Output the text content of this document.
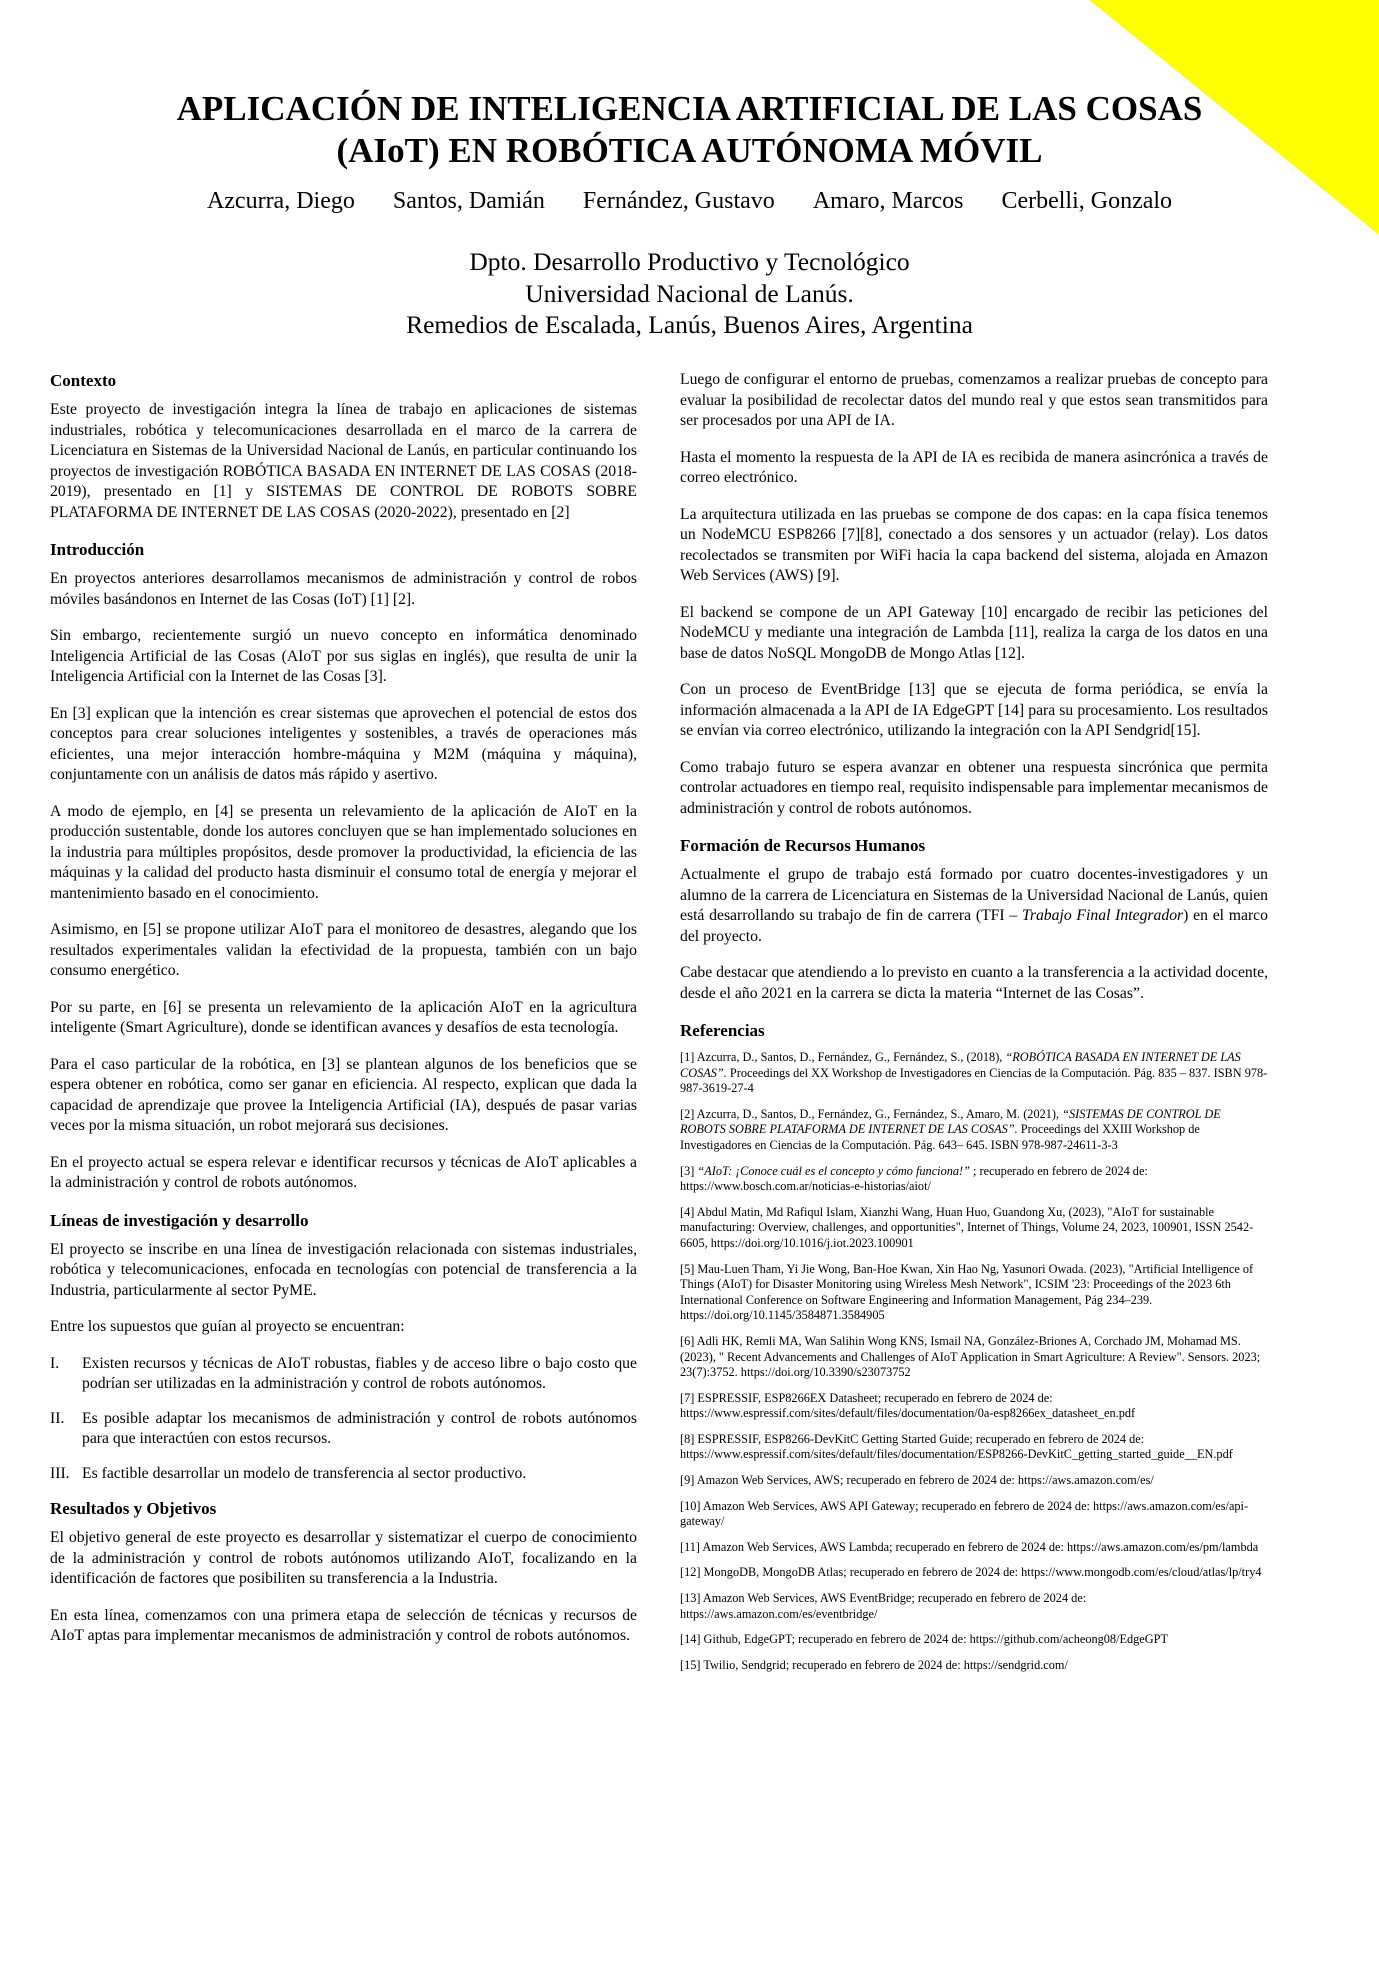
APLICACIÓN DE INTELIGENCIA ARTIFICIAL DE LAS COSAS
(AIoT) EN ROBÓTICA AUTÓNOMA MÓVIL
Azcurra, Diego Santos, Damián Fernández, Gustavo Amaro, Marcos Cerbelli, Gonzalo
Dpto. Desarrollo Productivo y Tecnológico
Universidad Nacional de Lanús.
Remedios de Escalada, Lanús, Buenos Aires, Argentina
Contexto

Este proyecto de investigación integra la línea de trabajo en aplicaciones de sistemas industriales, robótica y telecomunicaciones desarrollada en el marco de la carrera de Licenciatura en Sistemas de la Universidad Nacional de Lanús, en particular continuando los proyectos de investigación ROBÓTICA BASADA EN INTERNET DE LAS COSAS (2018-2019), presentado en [1] y SISTEMAS DE CONTROL DE ROBOTS SOBRE PLATAFORMA DE INTERNET DE LAS COSAS (2020-2022), presentado en [2]

Introducción

En proyectos anteriores desarrollamos mecanismos de administración y control de robos móviles basándonos en Internet de las Cosas (IoT) [1] [2].

Sin embargo, recientemente surgió un nuevo concepto en informática denominado Inteligencia Artificial de las Cosas (AIoT por sus siglas en inglés), que resulta de unir la Inteligencia Artificial con la Internet de las Cosas [3].

En [3] explican que la intención es crear sistemas que aprovechen el potencial de estos dos conceptos para crear soluciones inteligentes y sostenibles, a través de operaciones más eficientes, una mejor interacción hombre-máquina y M2M (máquina y máquina), conjuntamente con un análisis de datos más rápido y asertivo.

A modo de ejemplo, en [4] se presenta un relevamiento de la aplicación de AIoT en la producción sustentable, donde los autores concluyen que se han implementado soluciones en la industria para múltiples propósitos, desde promover la productividad, la eficiencia de las máquinas y la calidad del producto hasta disminuir el consumo total de energía y mejorar el mantenimiento basado en el conocimiento.

Asimismo, en [5] se propone utilizar AIoT para el monitoreo de desastres, alegando que los resultados experimentales validan la efectividad de la propuesta, también con un bajo consumo energético.

Por su parte, en [6] se presenta un relevamiento de la aplicación AIoT en la agricultura inteligente (Smart Agriculture), donde se identifican avances y desafíos de esta tecnología.

Para el caso particular de la robótica, en [3] se plantean algunos de los beneficios que se espera obtener en robótica, como ser ganar en eficiencia. Al respecto, explican que dada la capacidad de aprendizaje que provee la Inteligencia Artificial (IA), después de pasar varias veces por la misma situación, un robot mejorará sus decisiones.

En el proyecto actual se espera relevar e identificar recursos y técnicas de AIoT aplicables a la administración y control de robots autónomos.

Líneas de investigación y desarrollo

El proyecto se inscribe en una línea de investigación relacionada con sistemas industriales, robótica y telecomunicaciones, enfocada en tecnologías con potencial de transferencia a la Industria, particularmente al sector PyME.

Entre los supuestos que guían al proyecto se encuentran:

I.	Existen recursos y técnicas de AIoT robustas, fiables y de acceso libre o bajo costo que podrían ser utilizadas en la administración y control de robots autónomos.
II.	Es posible adaptar los mecanismos de administración y control de robots autónomos para que interactúen con estos recursos.
III. Es factible desarrollar un modelo de transferencia al sector productivo.
Resultados y Objetivos

El objetivo general de este proyecto es desarrollar y sistematizar el cuerpo de conocimiento de la administración y control de robots autónomos utilizando AIoT, focalizando en la identificación de factores que posibiliten su transferencia a la Industria.

En esta línea, comenzamos con una primera etapa de selección de técnicas y recursos de AIoT aptas para implementar mecanismos de administración y control de robots autónomos.

Luego de configurar el entorno de pruebas, comenzamos a realizar pruebas de concepto para evaluar la posibilidad de recolectar datos del mundo real y que estos sean transmitidos para ser procesados por una API de IA.

Hasta el momento la respuesta de la API de IA es recibida de manera asincrónica a través de correo electrónico.

La arquitectura utilizada en las pruebas se compone de dos capas: en la capa física tenemos un NodeMCU ESP8266 [7][8], conectado a dos sensores y un actuador (relay). Los datos recolectados se transmiten por WiFi hacia la capa backend del sistema, alojada en Amazon Web Services (AWS) [9].

El backend se compone de un API Gateway [10] encargado de recibir las peticiones del NodeMCU y mediante una integración de Lambda [11], realiza la carga de los datos en una base de datos NoSQL MongoDB de Mongo Atlas [12].

Con un proceso de EventBridge [13] que se ejecuta de forma periódica, se envía la información almacenada a la API de IA EdgeGPT [14] para su procesamiento. Los resultados se envían via correo electrónico, utilizando la integración con la API Sendgrid[15].

Como trabajo futuro se espera avanzar en obtener una respuesta sincrónica que permita controlar actuadores en tiempo real, requisito indispensable para implementar mecanismos de administración y control de robots autónomos.

Formación de Recursos Humanos

Actualmente el grupo de trabajo está formado por cuatro docentes-investigadores y un alumno de la carrera de Licenciatura en Sistemas de la Universidad Nacional de Lanús, quien está desarrollando su trabajo de fin de carrera (TFI – Trabajo Final Integrador) en el marco del proyecto.

Cabe destacar que atendiendo a lo previsto en cuanto a la transferencia a la actividad docente, desde el año 2021 en la carrera se dicta la materia “Internet de las Cosas”.

Referencias
[1] Azcurra, D., Santos, D., Fernández, G., Fernández, S., (2018), “ROBÓTICA BASADA EN INTERNET DE LAS COSAS”. Proceedings del XX Workshop de Investigadores en Ciencias de la Computación. Pág. 835 – 837. ISBN 978-987-3619-27-4
[2] Azcurra, D., Santos, D., Fernández, G., Fernández, S., Amaro, M. (2021), “SISTEMAS DE CONTROL DE ROBOTS SOBRE PLATAFORMA DE INTERNET DE LAS COSAS”. Proceedings del XXIII Workshop de Investigadores en Ciencias de la Computación. Pág. 643– 645. ISBN 978-987-24611-3-3
[3] “AIoT: ¡Conoce cuál es el concepto y cómo funciona!” ; recuperado en febrero de 2024 de: https://www.bosch.com.ar/noticias-e-historias/aiot/
[4] Abdul Matin, Md Rafiqul Islam, Xianzhi Wang, Huan Huo, Guandong Xu, (2023), "AIoT for sustainable manufacturing: Overview, challenges, and opportunities", Internet of Things, Volume 24, 2023, 100901, ISSN 2542-6605, https://doi.org/10.1016/j.iot.2023.100901
[5] Mau-Luen Tham, Yi Jie Wong, Ban-Hoe Kwan, Xin Hao Ng, Yasunori Owada. (2023), "Artificial Intelligence of Things (AIoT) for Disaster Monitoring using Wireless Mesh Network", ICSIM '23: Proceedings of the 2023 6th International Conference on Software Engineering and Information Management, Pág 234–239. https://doi.org/10.1145/3584871.3584905
[6] Adli HK, Remli MA, Wan Salihin Wong KNS, Ismail NA, González-Briones A, Corchado JM, Mohamad MS. (2023), " Recent Advancements and Challenges of AIoT Application in Smart Agriculture: A Review". Sensors. 2023; 23(7):3752. https://doi.org/10.3390/s23073752
[7] ESPRESSIF, ESP8266EX Datasheet; recuperado en febrero de 2024 de: https://www.espressif.com/sites/default/files/documentation/0a-esp8266ex_datasheet_en.pdf
[8] ESPRESSIF, ESP8266-DevKitC Getting Started Guide; recuperado en febrero de 2024 de: https://www.espressif.com/sites/default/files/documentation/ESP8266-DevKitC_getting_started_guide__EN.pdf
[9] Amazon Web Services, AWS; recuperado en febrero de 2024 de: https://aws.amazon.com/es/
[10] Amazon Web Services, AWS API Gateway; recuperado en febrero de 2024 de: https://aws.amazon.com/es/api-gateway/
[11] Amazon Web Services, AWS Lambda; recuperado en febrero de 2024 de: https://aws.amazon.com/es/pm/lambda
[12] MongoDB, MongoDB Atlas; recuperado en febrero de 2024 de: https://www.mongodb.com/es/cloud/atlas/lp/try4
[13] Amazon Web Services, AWS EventBridge; recuperado en febrero de 2024 de: https://aws.amazon.com/es/eventbridge/
[14] Github, EdgeGPT; recuperado en febrero de 2024 de: https://github.com/acheong08/EdgeGPT
[15] Twilio, Sendgrid; recuperado en febrero de 2024 de: https://sendgrid.com/
